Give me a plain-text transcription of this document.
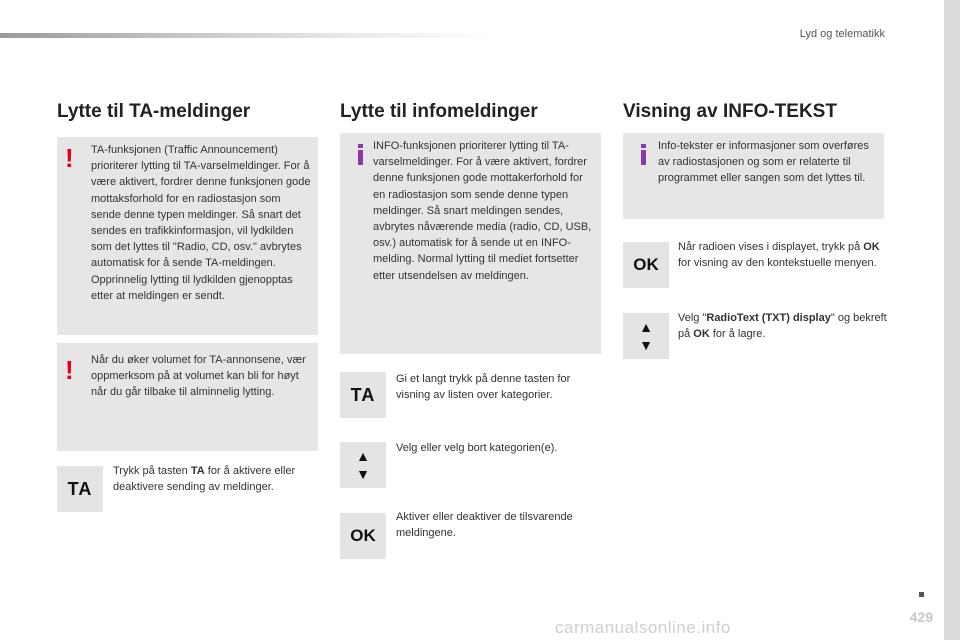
Lyd og telematikk
Lytte til TA-meldinger
! TA-funksjonen (Traffic Announcement) prioriterer lytting til TA-varselmeldinger. For å være aktivert, fordrer denne funksjonen gode mottaksforhold for en radiostasjon som sende denne typen meldinger. Så snart det sendes en trafikkinformasjon, vil lydkilden som det lyttes til "Radio, CD, osv." avbrytes automatisk for å sende TA-meldingen. Opprinnelig lytting til lydkilden gjenopptas etter at meldingen er sendt.
! Når du øker volumet for TA-annonsene, vær oppmerksom på at volumet kan bli for høyt når du går tilbake til alminnelig lytting.
TA
Trykk på tasten TA for å aktivere eller deaktivere sending av meldinger.
Lytte til infomeldinger
INFO-funksjonen prioriterer lytting til TA-varselmeldinger. For å være aktivert, fordrer denne funksjonen gode mottakerforhold for en radiostasjon som sende denne typen meldinger. Så snart meldingen sendes, avbrytes nåværende media (radio, CD, USB, osv.) automatisk for å sende ut en INFO-melding. Normal lytting til mediet fortsetter etter utsendelsen av meldingen.
TA
Gi et langt trykk på denne tasten for visning av listen over kategorier.
▲
▼
Velg eller velg bort kategorien(e).
OK
Aktiver eller deaktiver de tilsvarende meldingene.
Visning av INFO-TEKST
Info-tekster er informasjoner som overføres av radiostasjonen og som er relaterte til programmet eller sangen som det lyttes til.
OK
Når radioen vises i displayet, trykk på OK for visning av den kontekstuelle menyen.
▲
▼
Velg "RadioText (TXT) display" og bekreft på OK for å lagre.
429
carmanualsonline.info
